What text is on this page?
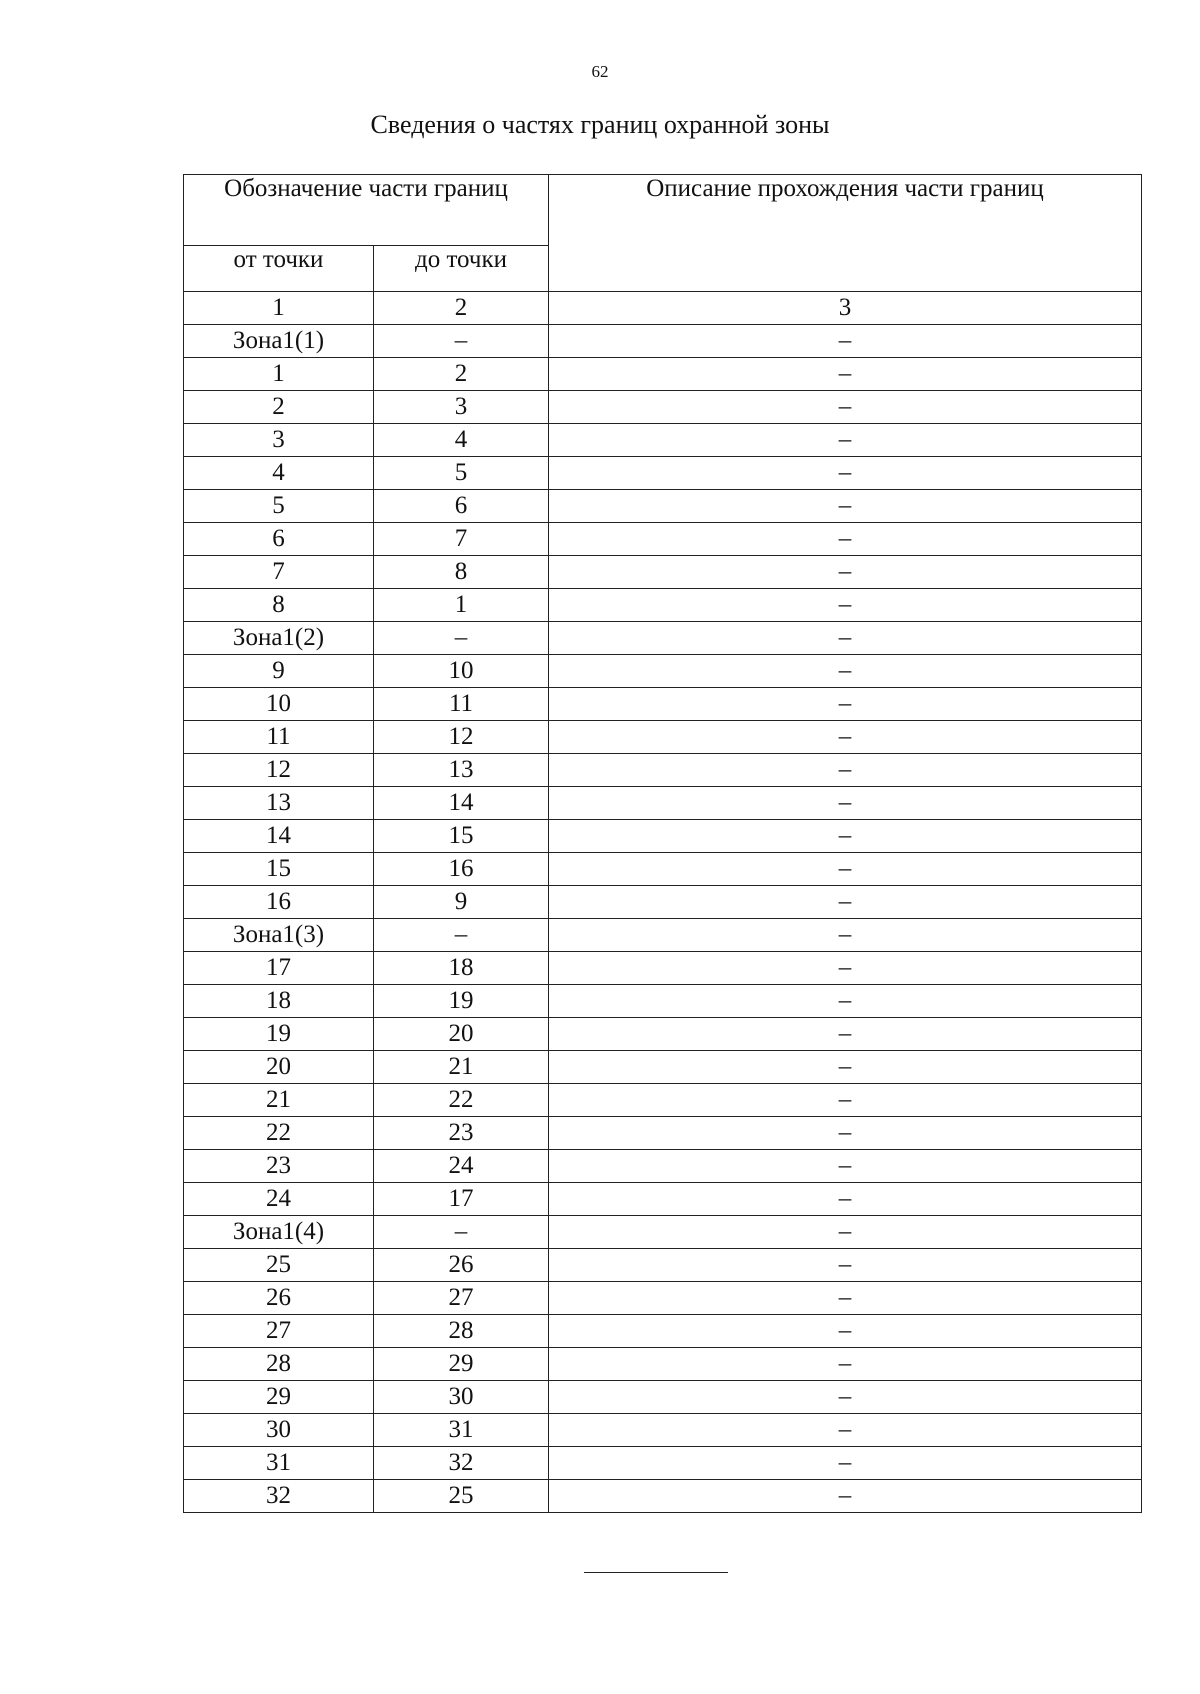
62
Сведения о частях границ охранной зоны
Обозначение части границ		Описание прохождения части границ
от точки	до точки	
1	2	3
Зона1(1)	–	–
1	2	–
2	3	–
3	4	–
4	5	–
5	6	–
6	7	–
7	8	–
8	1	–
Зона1(2)	–	–
9	10	–
10	11	–
11	12	–
12	13	–
13	14	–
14	15	–
15	16	–
16	9	–
Зона1(3)	–	–
17	18	–
18	19	–
19	20	–
20	21	–
21	22	–
22	23	–
23	24	–
24	17	–
Зона1(4)	–	–
25	26	–
26	27	–
27	28	–
28	29	–
29	30	–
30	31	–
31	32	–
32	25	–
